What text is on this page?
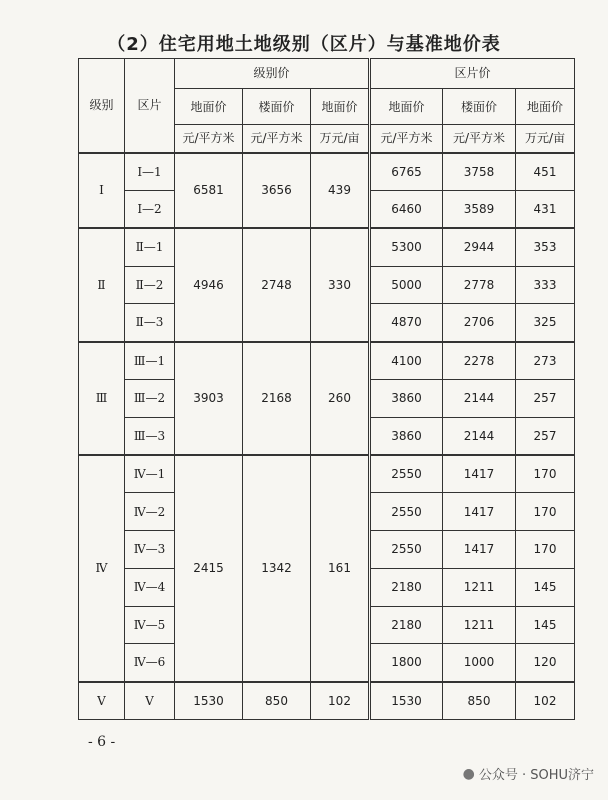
（2）住宅用地土地级别（区片）与基准地价表
级别	区片	级别价			区片价		
		地面价	楼面价	地面价	地面价	楼面价	地面价
		元/平方米	元/平方米	万元/亩	元/平方米	元/平方米	万元/亩
Ⅰ	Ⅰ—1	6581	3656	439	6765	3758	451
	Ⅰ—2				6460	3589	431
Ⅱ	Ⅱ—1	4946	2748	330	5300	2944	353
	Ⅱ—2				5000	2778	333
	Ⅱ—3				4870	2706	325
Ⅲ	Ⅲ—1	3903	2168	260	4100	2278	273
	Ⅲ—2				3860	2144	257
	Ⅲ—3				3860	2144	257
Ⅳ	Ⅳ—1	2415	1342	161	2550	1417	170
	Ⅳ—2				2550	1417	170
	Ⅳ—3				2550	1417	170
	Ⅳ—4				2180	1211	145
	Ⅳ—5				2180	1211	145
	Ⅳ—6				1800	1000	120
Ⅴ	Ⅴ	1530	850	102	1530	850	102
- 6 -
● 公众号 · SOHU济宁
